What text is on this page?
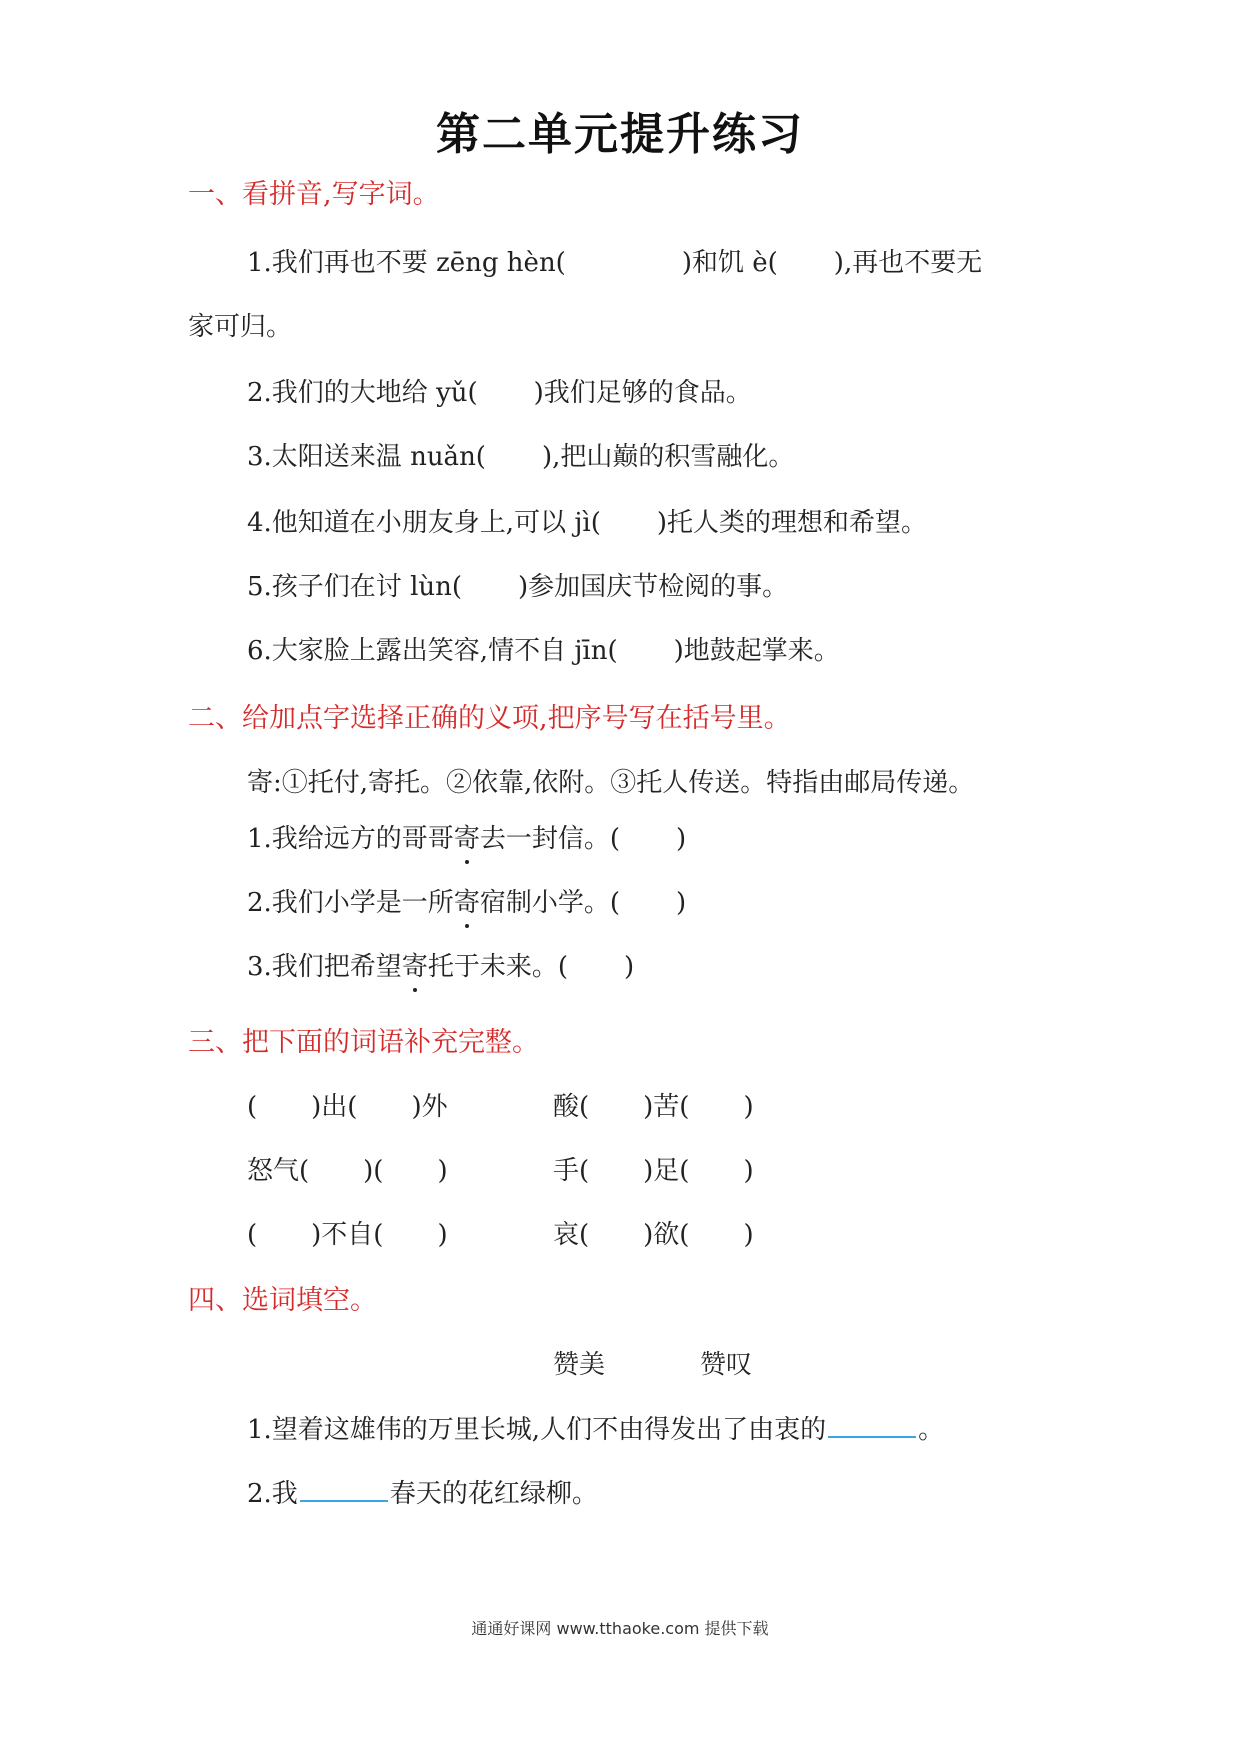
第二单元提升练习
一、看拼音,写字词。
1.我们再也不要 zēng hèn(	)和饥 è( ),再也不要无
家可归。
2.我们的大地给 yǔ( )我们足够的食品。
3.太阳送来温 nuǎn( ),把山巅的积雪融化。
4.他知道在小朋友身上,可以 jì( )托人类的理想和希望。
5.孩子们在讨 lùn( )参加国庆节检阅的事。
6.大家脸上露出笑容,情不自 jīn( )地鼓起掌来。
二、给加点字选择正确的义项,把序号写在括号里。
寄:①托付,寄托。②依靠,依附。③托人传送。特指由邮局传递。
1.我给远方的哥哥寄去一封信。( )
2.我们小学是一所寄宿制小学。( )
3.我们把希望寄托于未来。( )
三、把下面的词语补充完整。
( )出( )外	酸( )苦( )
怒气( )( )	手( )足( )
( )不自( )	哀( )欲( )
四、选词填空。
赞美	赞叹
1.望着这雄伟的万里长城,人们不由得发出了由衷的	。
2.我	春天的花红绿柳。
通通好课网 www.tthaoke.com 提供下载
